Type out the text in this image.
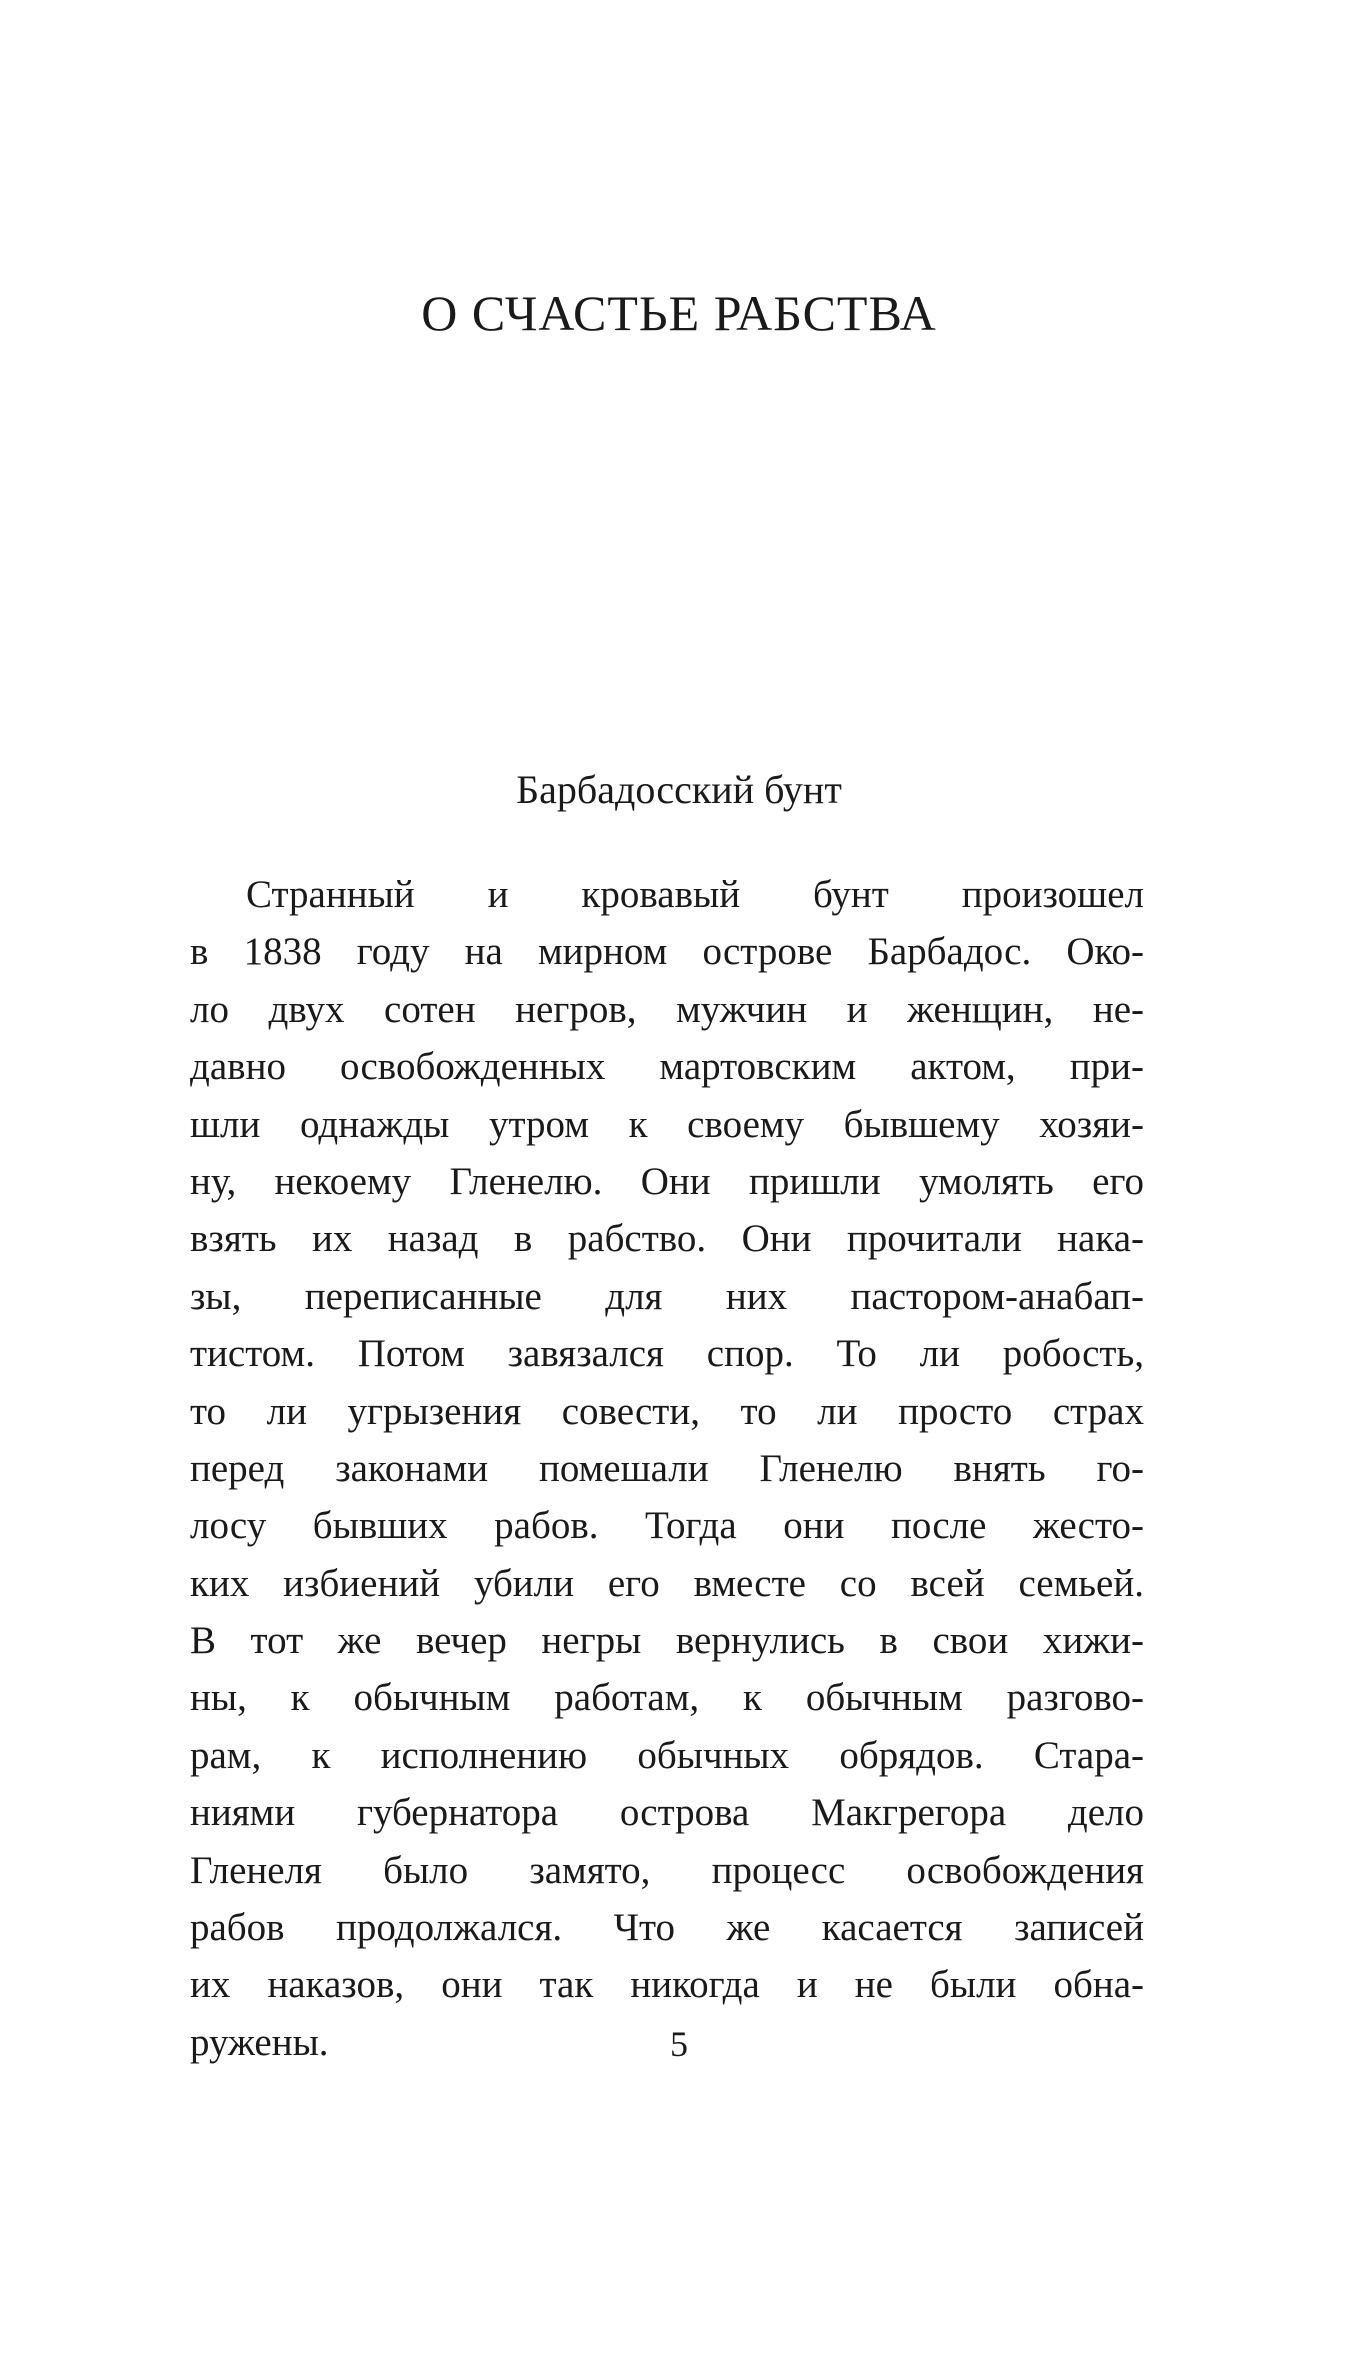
О СЧАСТЬЕ РАБСТВА
Барбадосский бунт
Странный и кровавый бунт произошел
в 1838 году на мирном острове Барбадос. Око-
ло двух сотен негров, мужчин и женщин, не-
давно освобожденных мартовским актом, при-
шли однажды утром к своему бывшему хозяи-
ну, некоему Гленелю. Они пришли умолять его
взять их назад в рабство. Они прочитали нака-
зы, переписанные для них пастором-анабап-
тистом. Потом завязался спор. То ли робость,
то ли угрызения совести, то ли просто страх
перед законами помешали Гленелю внять го-
лосу бывших рабов. Тогда они после жесто-
ких избиений убили его вместе со всей семьей.
В тот же вечер негры вернулись в свои хижи-
ны, к обычным работам, к обычным разгово-
рам, к исполнению обычных обрядов. Стара-
ниями губернатора острова Макгрегора дело
Гленеля было замято, процесс освобождения
рабов продолжался. Что же касается записей
их наказов, они так никогда и не были обна-
ружены.	5
